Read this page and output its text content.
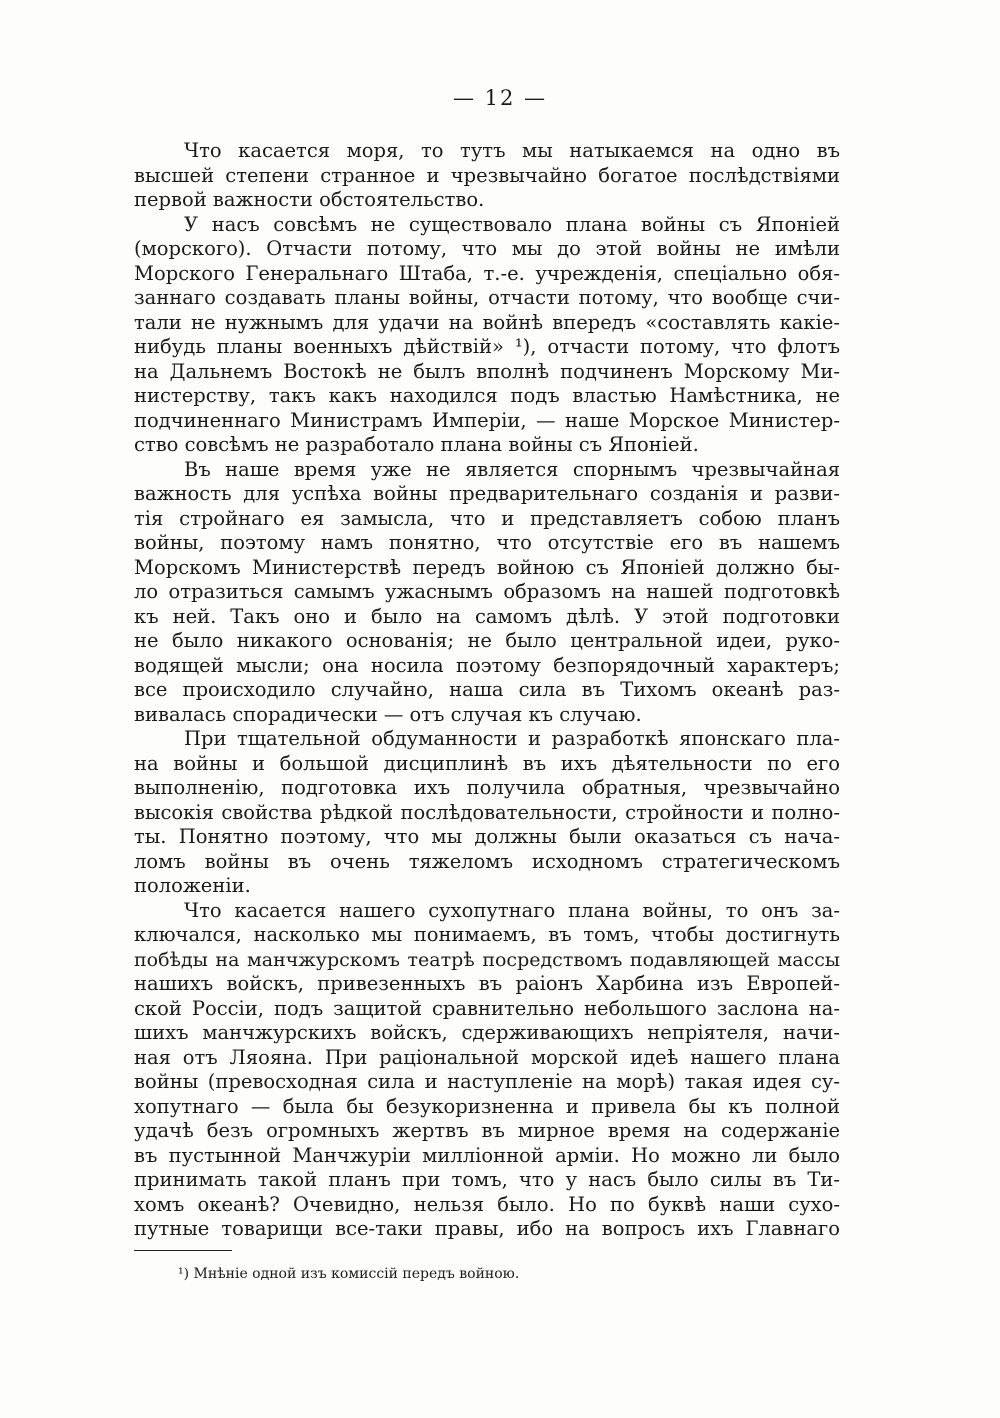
— 12 —
Что касается моря, то тутъ мы натыкаемся на одно въ
высшей степени странное и чрезвычайно богатое послѣдствіями
первой важности обстоятельство.
У насъ совсѣмъ не существовало плана войны съ Японіей
(морского). Отчасти потому, что мы до этой войны не имѣли
Морского Генеральнаго Штаба, т.-е. учрежденія, спеціально обя-
заннаго создавать планы войны, отчасти потому, что вообще счи-
тали не нужнымъ для удачи на войнѣ впередъ «составлять какіе-
нибудь планы военныхъ дѣйствій» ¹), отчасти потому, что флотъ
на Дальнемъ Востокѣ не былъ вполнѣ подчиненъ Морскому Ми-
нистерству, такъ какъ находился подъ властью Намѣстника, не
подчиненнаго Министрамъ Имперіи, — наше Морское Министер-
ство совсѣмъ не разработало плана войны съ Японіей.
Въ наше время уже не является спорнымъ чрезвычайная
важность для успѣха войны предварительнаго созданія и разви-
тія стройнаго ея замысла, что и представляетъ собою планъ
войны, поэтому намъ понятно, что отсутствіе его въ нашемъ
Морскомъ Министерствѣ передъ войною съ Японіей должно бы-
ло отразиться самымъ ужаснымъ образомъ на нашей подготовкѣ
къ ней. Такъ оно и было на самомъ дѣлѣ. У этой подготовки
не было никакого основанія; не было центральной идеи, руко-
водящей мысли; она носила поэтому безпорядочный характеръ;
все происходило случайно, наша сила въ Тихомъ океанѣ раз-
вивалась спорадически — отъ случая къ случаю.
При тщательной обдуманности и разработкѣ японскаго пла-
на войны и большой дисциплинѣ въ ихъ дѣятельности по его
выполненію, подготовка ихъ получила обратныя, чрезвычайно
высокія свойства рѣдкой послѣдовательности, стройности и полно-
ты. Понятно поэтому, что мы должны были оказаться съ нача-
ломъ войны въ очень тяжеломъ исходномъ стратегическомъ
положеніи.
Что касается нашего сухопутнаго плана войны, то онъ за-
ключался, насколько мы понимаемъ, въ томъ, чтобы достигнуть
побѣды на манчжурскомъ театрѣ посредствомъ подавляющей массы
нашихъ войскъ, привезенныхъ въ раіонъ Харбина изъ Европей-
ской Россіи, подъ защитой сравнительно небольшого заслона на-
шихъ манчжурскихъ войскъ, сдерживающихъ непріятеля, начи-
ная отъ Ляояна. При раціональной морской идеѣ нашего плана
войны (превосходная сила и наступленіе на морѣ) такая идея су-
хопутнаго — была бы безукоризненна и привела бы къ полной
удачѣ безъ огромныхъ жертвъ въ мирное время на содержаніе
въ пустынной Манчжуріи милліонной арміи. Но можно ли было
принимать такой планъ при томъ, что у насъ было силы въ Ти-
хомъ океанѣ? Очевидно, нельзя было. Но по буквѣ наши сухо-
путные товарищи все-таки правы, ибо на вопросъ ихъ Главнаго
¹) Мнѣніе одной изъ комиссій передъ войною.
